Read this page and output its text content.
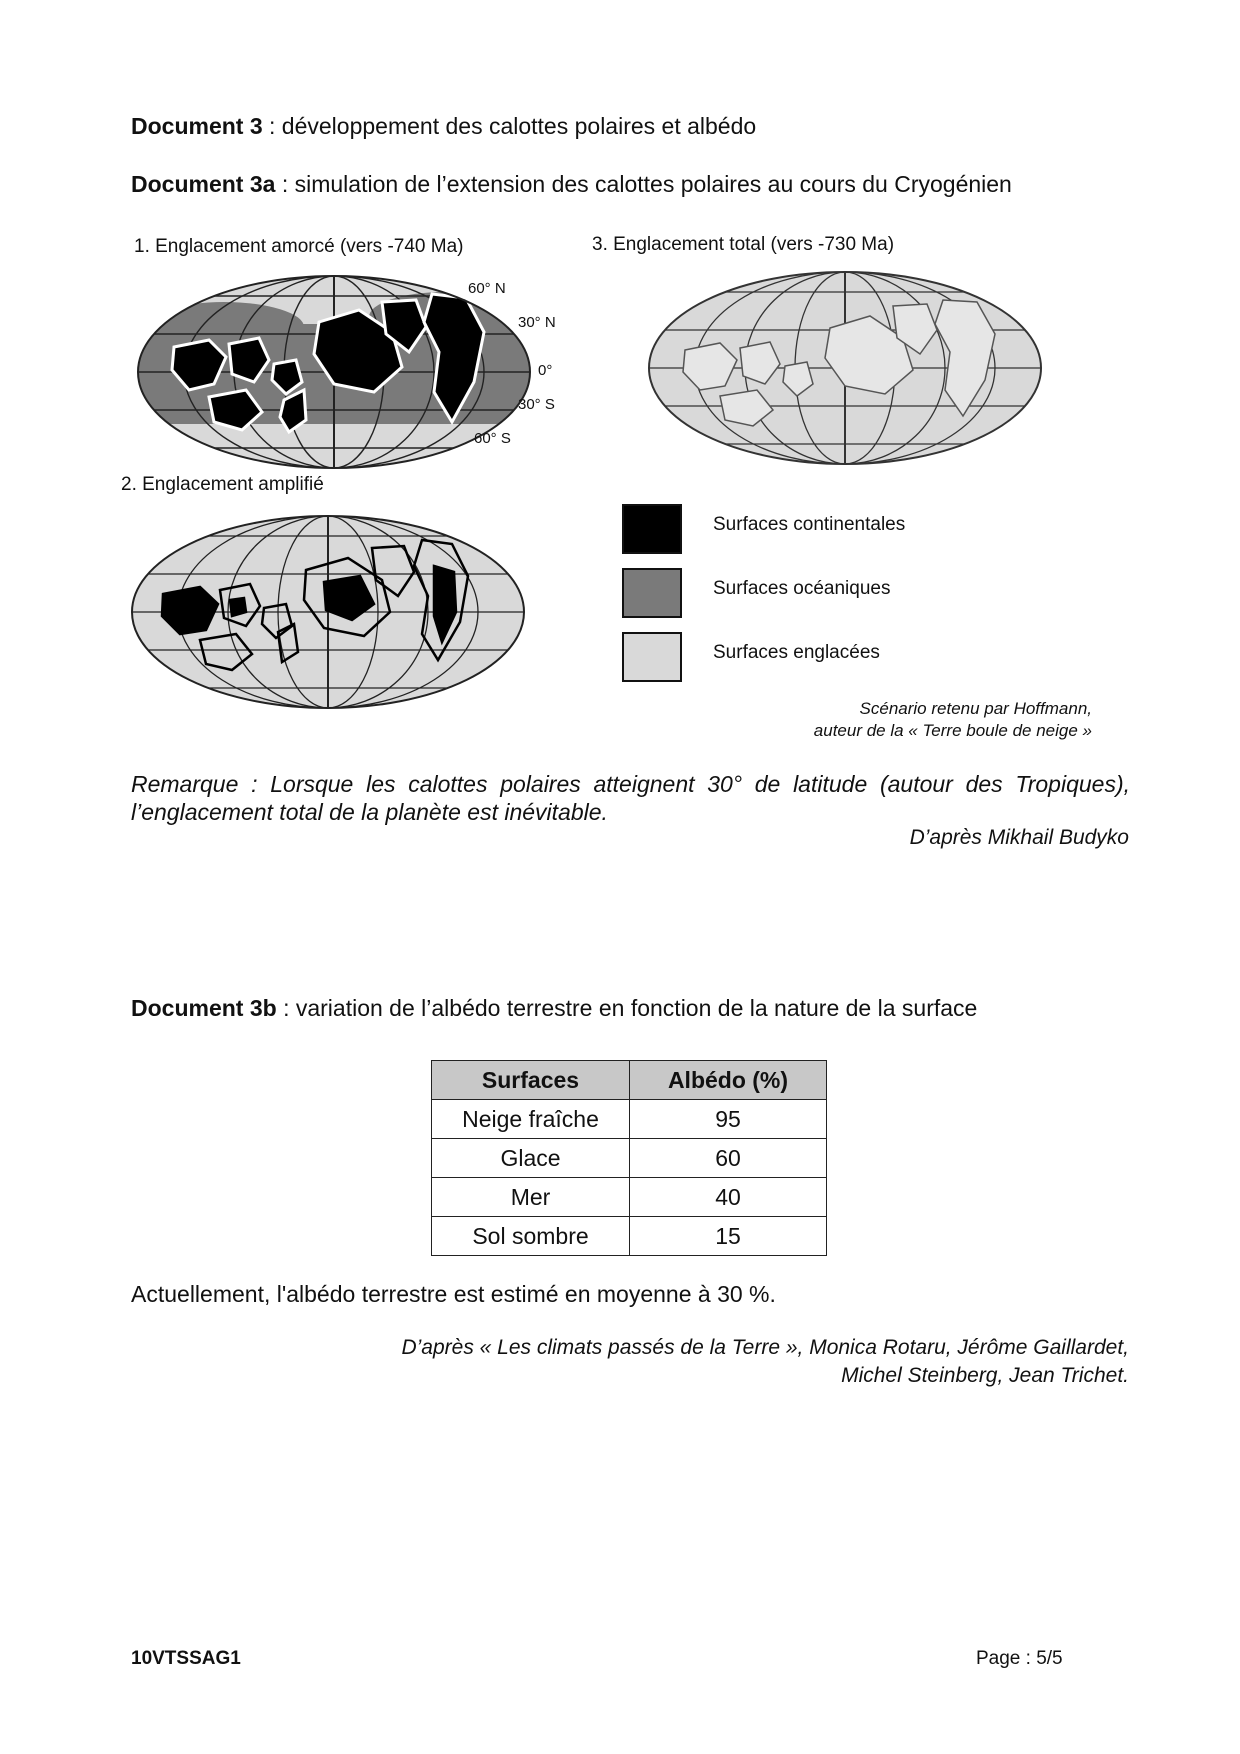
Document 3 : développement des calottes polaires et albédo
Document 3a : simulation de l’extension des calottes polaires au cours du Cryogénien
1. Englacement amorcé (vers -740 Ma)	3. Englacement total (vers -730 Ma)
2. Englacement amplifié
60° N
30° N
0°
30° S
60° S
Surfaces continentales
Surfaces océaniques
Surfaces englacées
Scénario retenu par Hoffmann,
auteur de la « Terre boule de neige »
Remarque : Lorsque les calottes polaires atteignent 30° de latitude (autour des Tropiques), l’englacement total de la planète est inévitable.
D’après Mikhail Budyko
Document 3b : variation de l’albédo terrestre en fonction de la nature de la surface
Surfaces	Albédo (%)
Neige fraîche	95
Glace	60
Mer	40
Sol sombre	15
Actuellement, l'albédo terrestre est estimé en moyenne à 30 %.
D’après « Les climats passés de la Terre », Monica Rotaru, Jérôme Gaillardet,
Michel Steinberg, Jean Trichet.
10VTSSAG1	Page : 5/5
